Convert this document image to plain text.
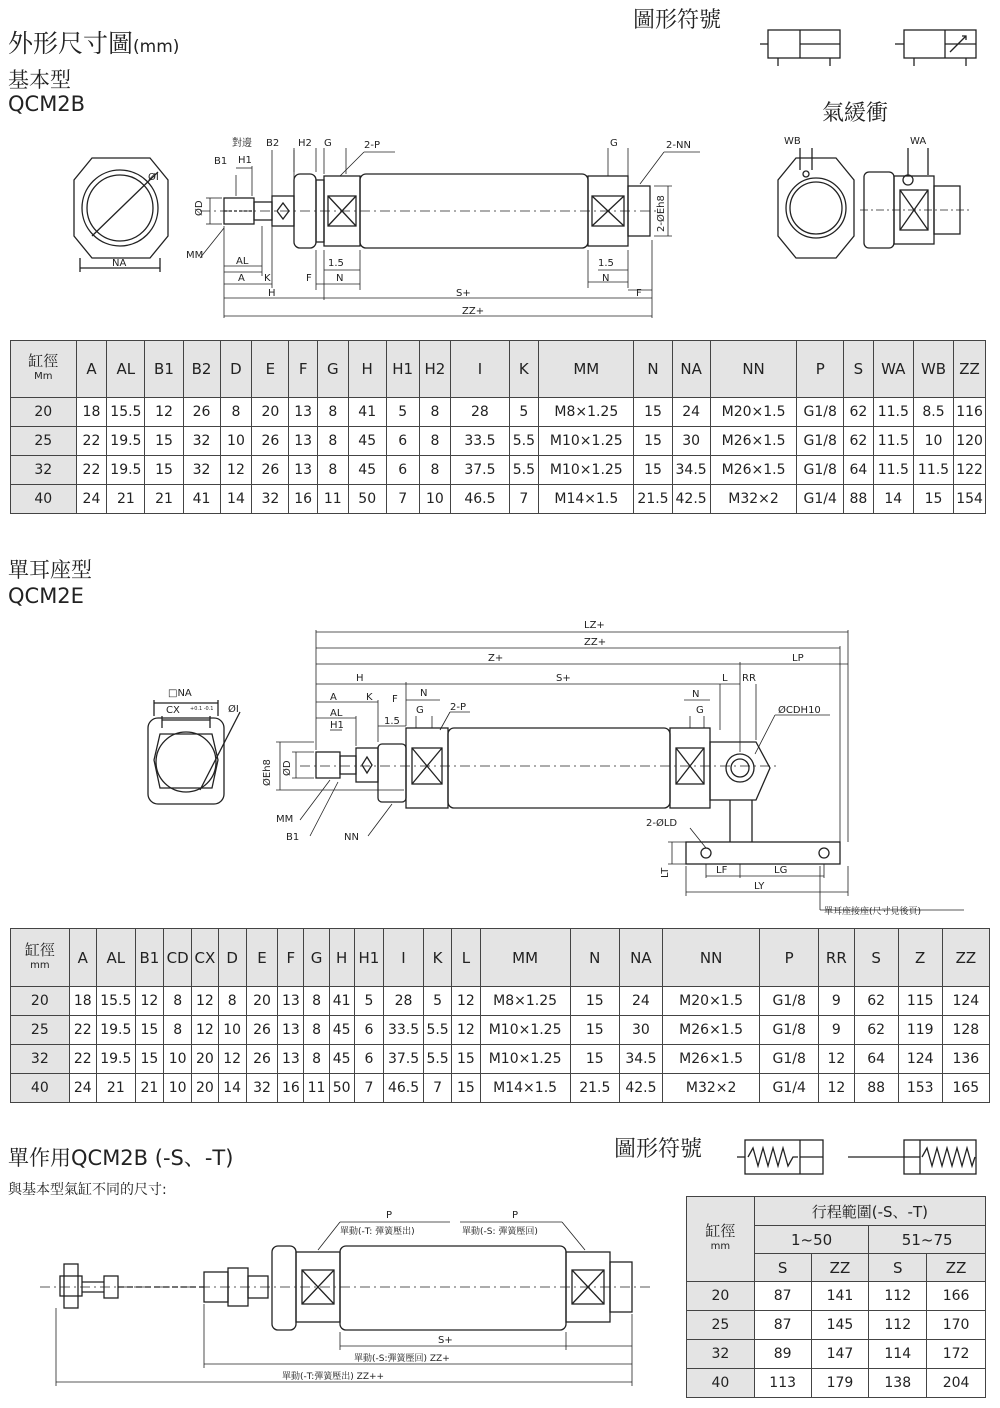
外形尺寸圖(mm)
基本型
QCM2B
圖形符號
氣緩衝
單耳座型
QCM2E
單作用QCM2B (-S、-T)
與基本型氣缸不同的尺寸:
圖形符號
對邊 B2 H2 G	2-P	G	2-NN
B1 H1
ØD
ØI
MM
NA	AL
A K	F
H
1.5
N
S+
ZZ+
1.5
N
F
2-ØEh8
WB	WA
LZ+
ZZ+
Z+	LP
H	S+	L RR
□NA
CX +0.1 -0.1 ØI
A	K F
N	N
AL	G	2-P	G	ØCDH10
H1	1.5
ØEh8 ØD
MM
B1	NN
2-ØLD
LT	LF	LG
LY
單耳座接座(尺寸見後頁)
P	P
單動(-T: 彈簧壓出)	單動(-S: 彈簧壓回)
S+
單動(-S:彈簧壓回) ZZ+
單動(-T:彈簧壓出) ZZ++
缸徑
Mm	A	AL	B1	B2	D	E	F	G	H	H1	H2	I	K	MM	N	NA	NN	P	S	WA	WB	ZZ
20	18	15.5	12	26	8	20	13	8	41	5	8	28	5	M8×1.25	15	24	M20×1.5	G1/8	62	11.5	8.5	116
25	22	19.5	15	32	10	26	13	8	45	6	8	33.5	5.5	M10×1.25	15	30	M26×1.5	G1/8	62	11.5	10	120
32	22	19.5	15	32	12	26	13	8	45	6	8	37.5	5.5	M10×1.25	15	34.5	M26×1.5	G1/8	64	11.5	11.5	122
40	24	21	21	41	14	32	16	11	50	7	10	46.5	7	M14×1.5	21.5	42.5	M32×2	G1/4	88	14	15	154
缸徑
mm	A	AL	B1	CD	CX	D	E	F	G	H	H1	I	K	L	MM	N	NA	NN	P	RR	S	Z	ZZ
20	18	15.5	12	8	12	8	20	13	8	41	5	28	5	12	M8×1.25	15	24	M20×1.5	G1/8	9	62	115	124
25	22	19.5	15	8	12	10	26	13	8	45	6	33.5	5.5	12	M10×1.25	15	30	M26×1.5	G1/8	9	62	119	128
32	22	19.5	15	10	20	12	26	13	8	45	6	37.5	5.5	15	M10×1.25	15	34.5	M26×1.5	G1/8	12	64	124	136
40	24	21	21	10	20	14	32	16	11	50	7	46.5	7	15	M14×1.5	21.5	42.5	M32×2	G1/4	12	88	153	165
缸徑
mm	行程範圍(-S、-T)			
	1~50		51~75	
	S	ZZ	S	ZZ
20	87	141	112	166
25	87	145	112	170
32	89	147	114	172
40	113	179	138	204
